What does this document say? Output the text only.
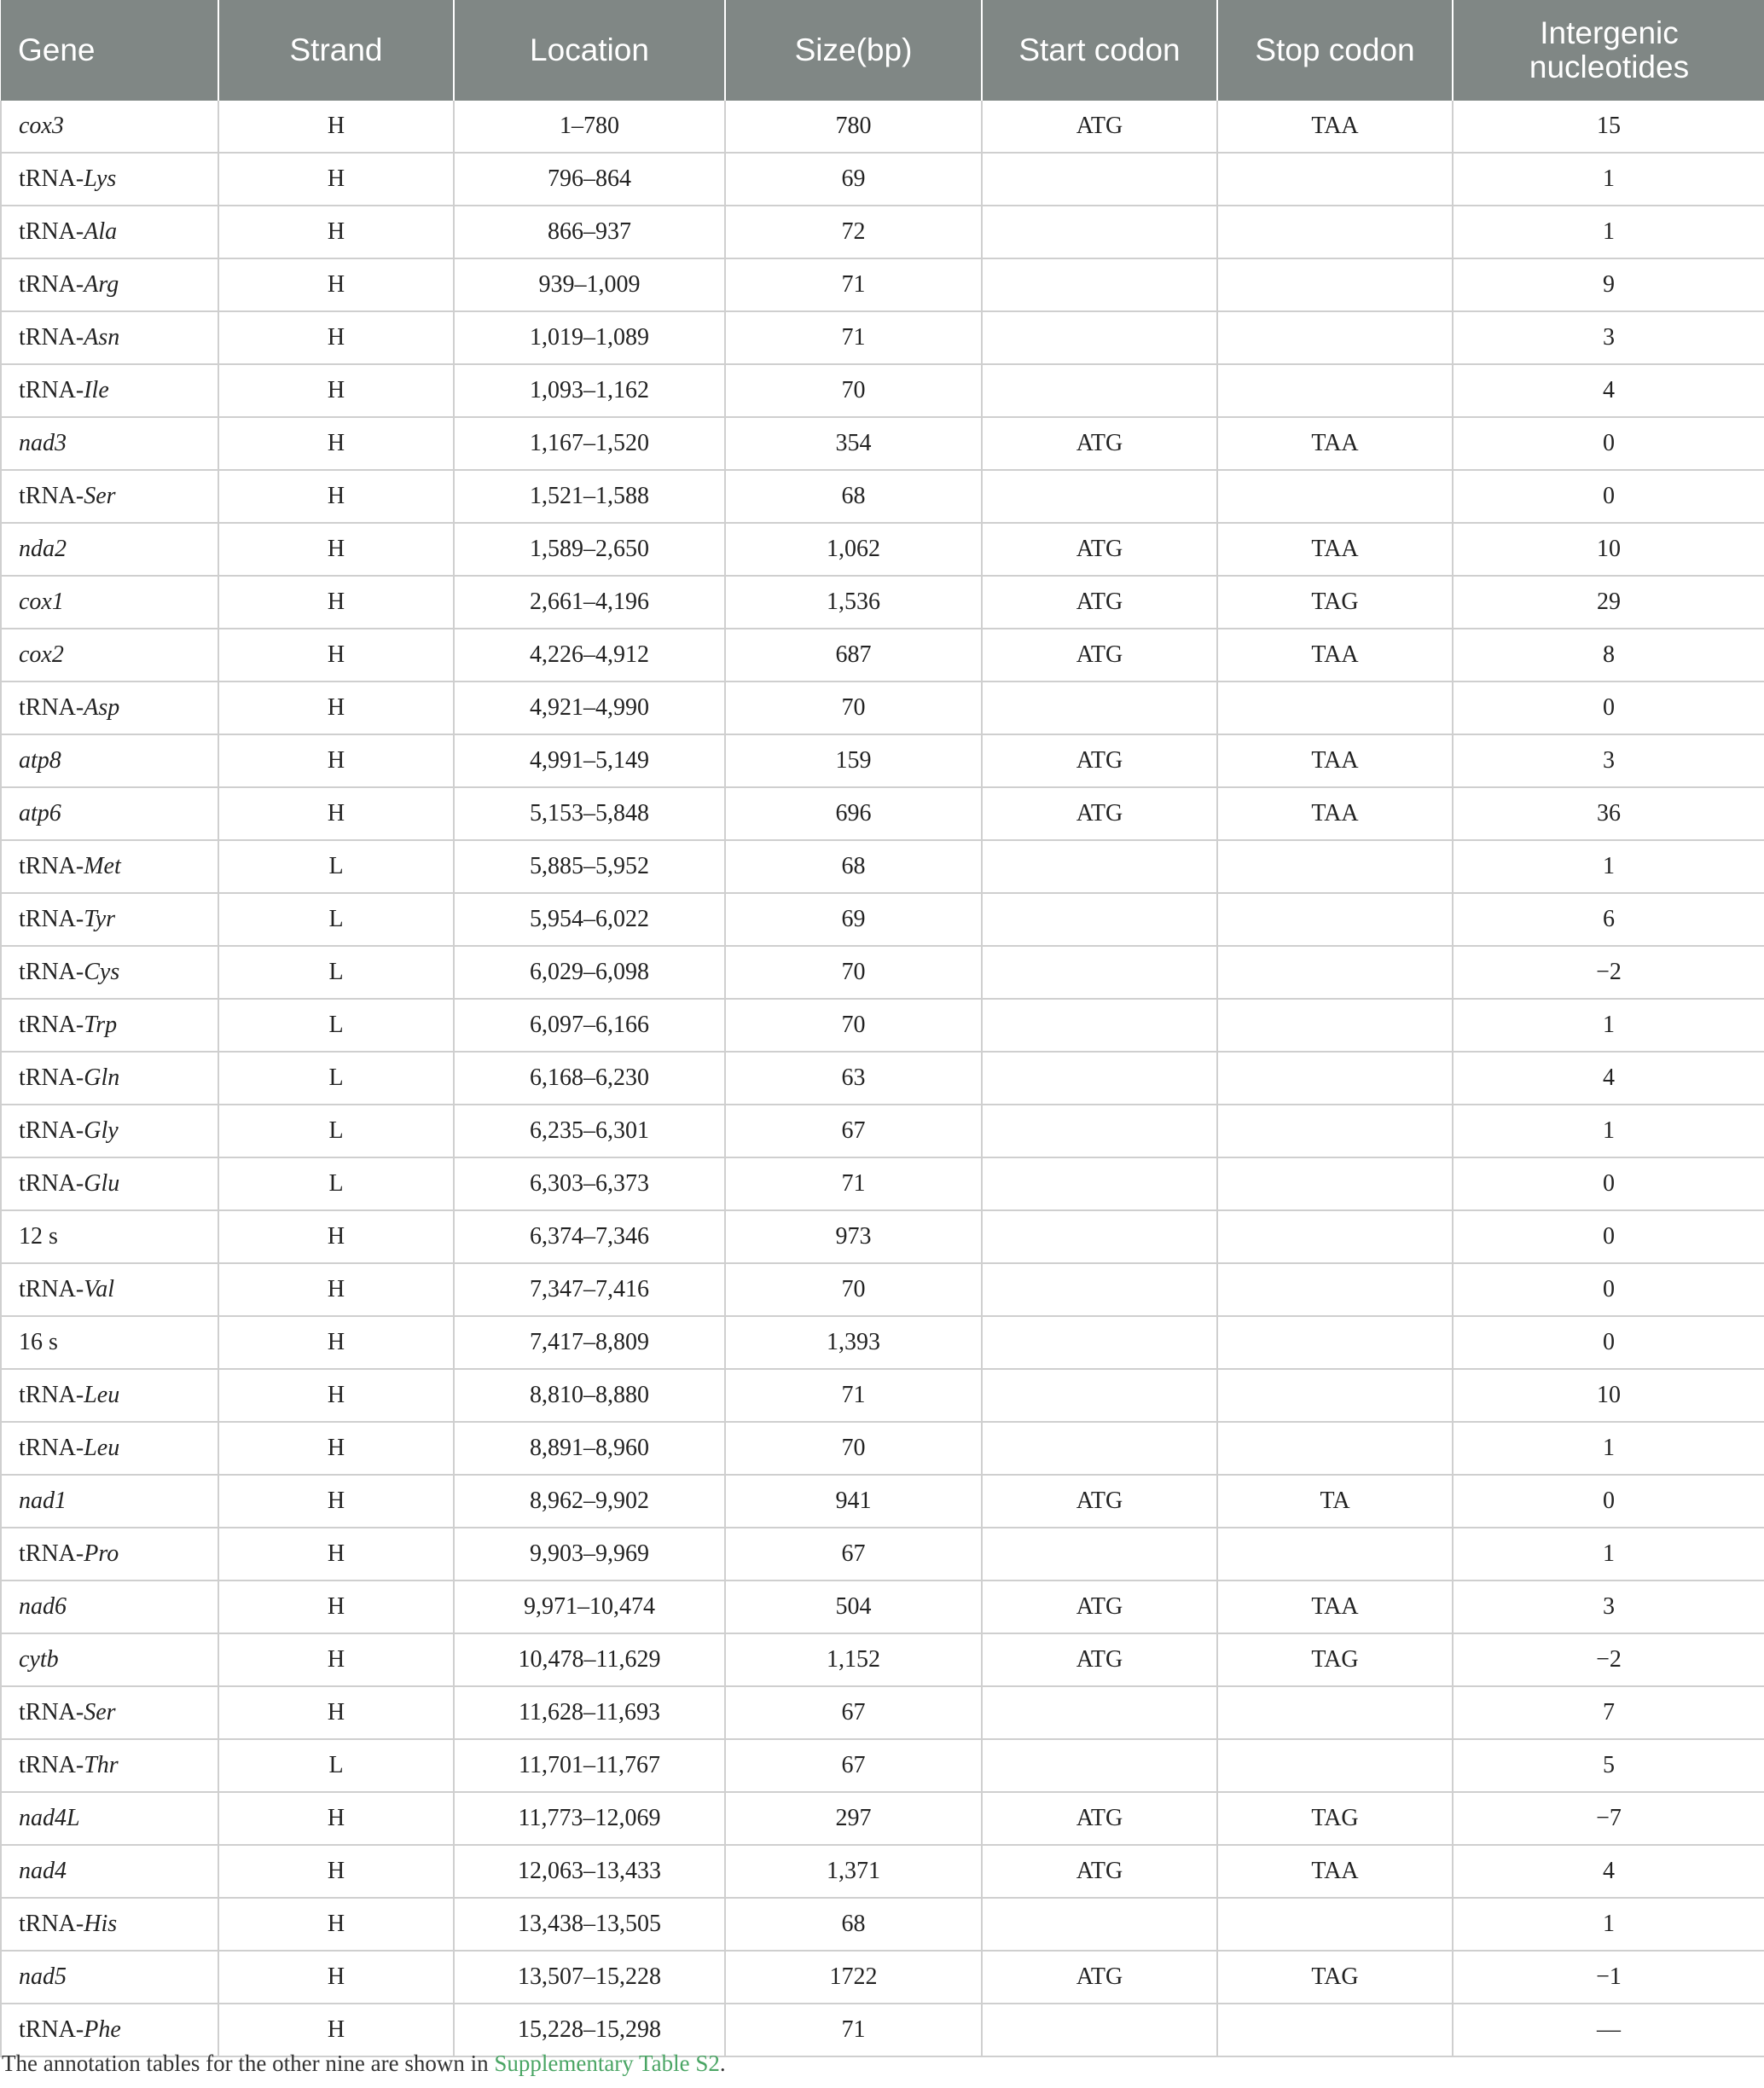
Gene	Strand	Location	Size(bp)	Start codon	Stop codon	Intergenic nucleotides
cox3	H	1–780	780	ATG	TAA	15
tRNA-Lys	H	796–864	69			1
tRNA-Ala	H	866–937	72			1
tRNA-Arg	H	939–1,009	71			9
tRNA-Asn	H	1,019–1,089	71			3
tRNA-Ile	H	1,093–1,162	70			4
nad3	H	1,167–1,520	354	ATG	TAA	0
tRNA-Ser	H	1,521–1,588	68			0
nda2	H	1,589–2,650	1,062	ATG	TAA	10
cox1	H	2,661–4,196	1,536	ATG	TAG	29
cox2	H	4,226–4,912	687	ATG	TAA	8
tRNA-Asp	H	4,921–4,990	70			0
atp8	H	4,991–5,149	159	ATG	TAA	3
atp6	H	5,153–5,848	696	ATG	TAA	36
tRNA-Met	L	5,885–5,952	68			1
tRNA-Tyr	L	5,954–6,022	69			6
tRNA-Cys	L	6,029–6,098	70			−2
tRNA-Trp	L	6,097–6,166	70			1
tRNA-Gln	L	6,168–6,230	63			4
tRNA-Gly	L	6,235–6,301	67			1
tRNA-Glu	L	6,303–6,373	71			0
12 s	H	6,374–7,346	973			0
tRNA-Val	H	7,347–7,416	70			0
16 s	H	7,417–8,809	1,393			0
tRNA-Leu	H	8,810–8,880	71			10
tRNA-Leu	H	8,891–8,960	70			1
nad1	H	8,962–9,902	941	ATG	TA	0
tRNA-Pro	H	9,903–9,969	67			1
nad6	H	9,971–10,474	504	ATG	TAA	3
cytb	H	10,478–11,629	1,152	ATG	TAG	−2
tRNA-Ser	H	11,628–11,693	67			7
tRNA-Thr	L	11,701–11,767	67			5
nad4L	H	11,773–12,069	297	ATG	TAG	−7
nad4	H	12,063–13,433	1,371	ATG	TAA	4
tRNA-His	H	13,438–13,505	68			1
nad5	H	13,507–15,228	1722	ATG	TAG	−1
tRNA-Phe	H	15,228–15,298	71			—
The annotation tables for the other nine are shown in Supplementary Table S2.
